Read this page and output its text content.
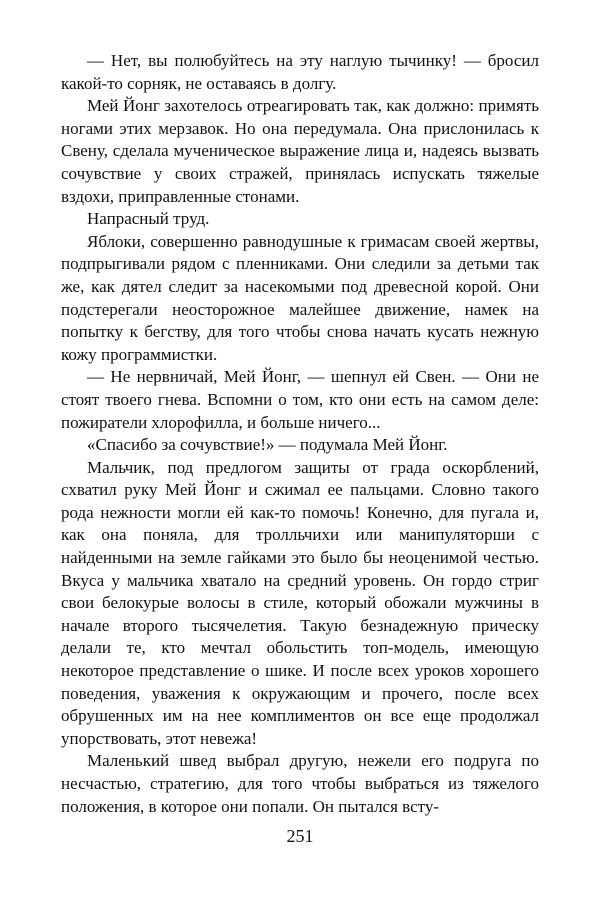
— Нет, вы полюбуйтесь на эту наглую тычинку! — бросил какой-то сорняк, не оставаясь в долгу.

Мей Йонг захотелось отреагировать так, как должно: примять ногами этих мерзавок. Но она передумала. Она прислонилась к Свену, сделала мученическое выражение лица и, надеясь вызвать сочувствие у своих стражей, принялась испускать тяжелые вздохи, приправленные стонами.

Напрасный труд.

Яблоки, совершенно равнодушные к гримасам своей жертвы, подпрыгивали рядом с пленниками. Они следили за детьми так же, как дятел следит за насекомыми под древесной корой. Они подстерегали неосторожное малейшее движение, намек на попытку к бегству, для того чтобы снова начать кусать нежную кожу программистки.

— Не нервничай, Мей Йонг, — шепнул ей Свен. — Они не стоят твоего гнева. Вспомни о том, кто они есть на самом деле: пожиратели хлорофилла, и больше ничего...

«Спасибо за сочувствие!» — подумала Мей Йонг.

Мальчик, под предлогом защиты от града оскорблений, схватил руку Мей Йонг и сжимал ее пальцами. Словно такого рода нежности могли ей как-то помочь! Конечно, для пугала и, как она поняла, для тролльчихи или манипуляторши с найденными на земле гайками это было бы неоценимой честью. Вкуса у мальчика хватало на средний уровень. Он гордо стриг свои белокурые волосы в стиле, который обожали мужчины в начале второго тысячелетия. Такую безнадежную прическу делали те, кто мечтал обольстить топ-модель, имеющую некоторое представление о шике. И после всех уроков хорошего поведения, уважения к окружающим и прочего, после всех обрушенных им на нее комплиментов он все еще продолжал упорствовать, этот невежа!

Маленький швед выбрал другую, нежели его подруга по несчастью, стратегию, для того чтобы выбраться из тяжелого положения, в которое они попали. Он пытался всту-

251
